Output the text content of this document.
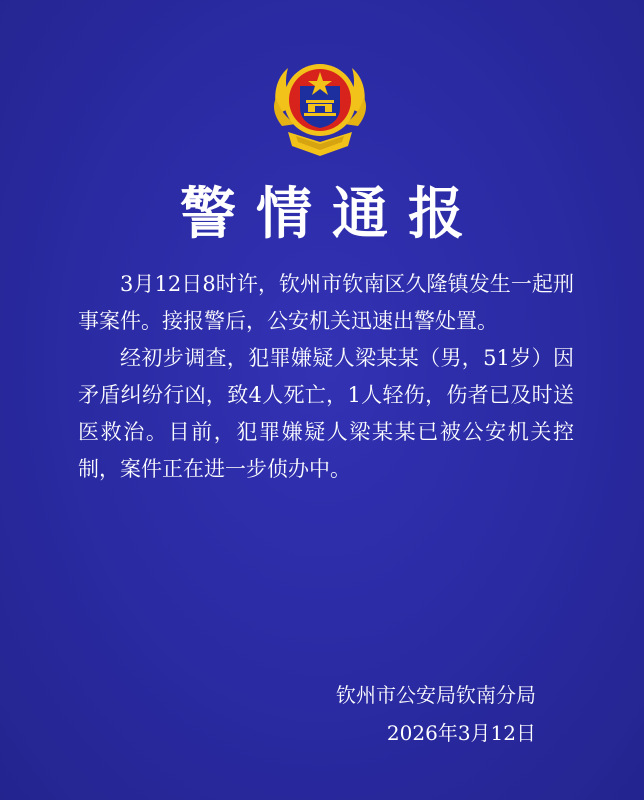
警情通报

3月12日8时许，钦州市钦南区久隆镇发生一起刑事案件。接报警后，公安机关迅速出警处置。

经初步调查，犯罪嫌疑人梁某某（男，51岁）因矛盾纠纷行凶，致4人死亡，1人轻伤，伤者已及时送医救治。目前，犯罪嫌疑人梁某某已被公安机关控制，案件正在进一步侦办中。

钦州市公安局钦南分局
2026年3月12日
